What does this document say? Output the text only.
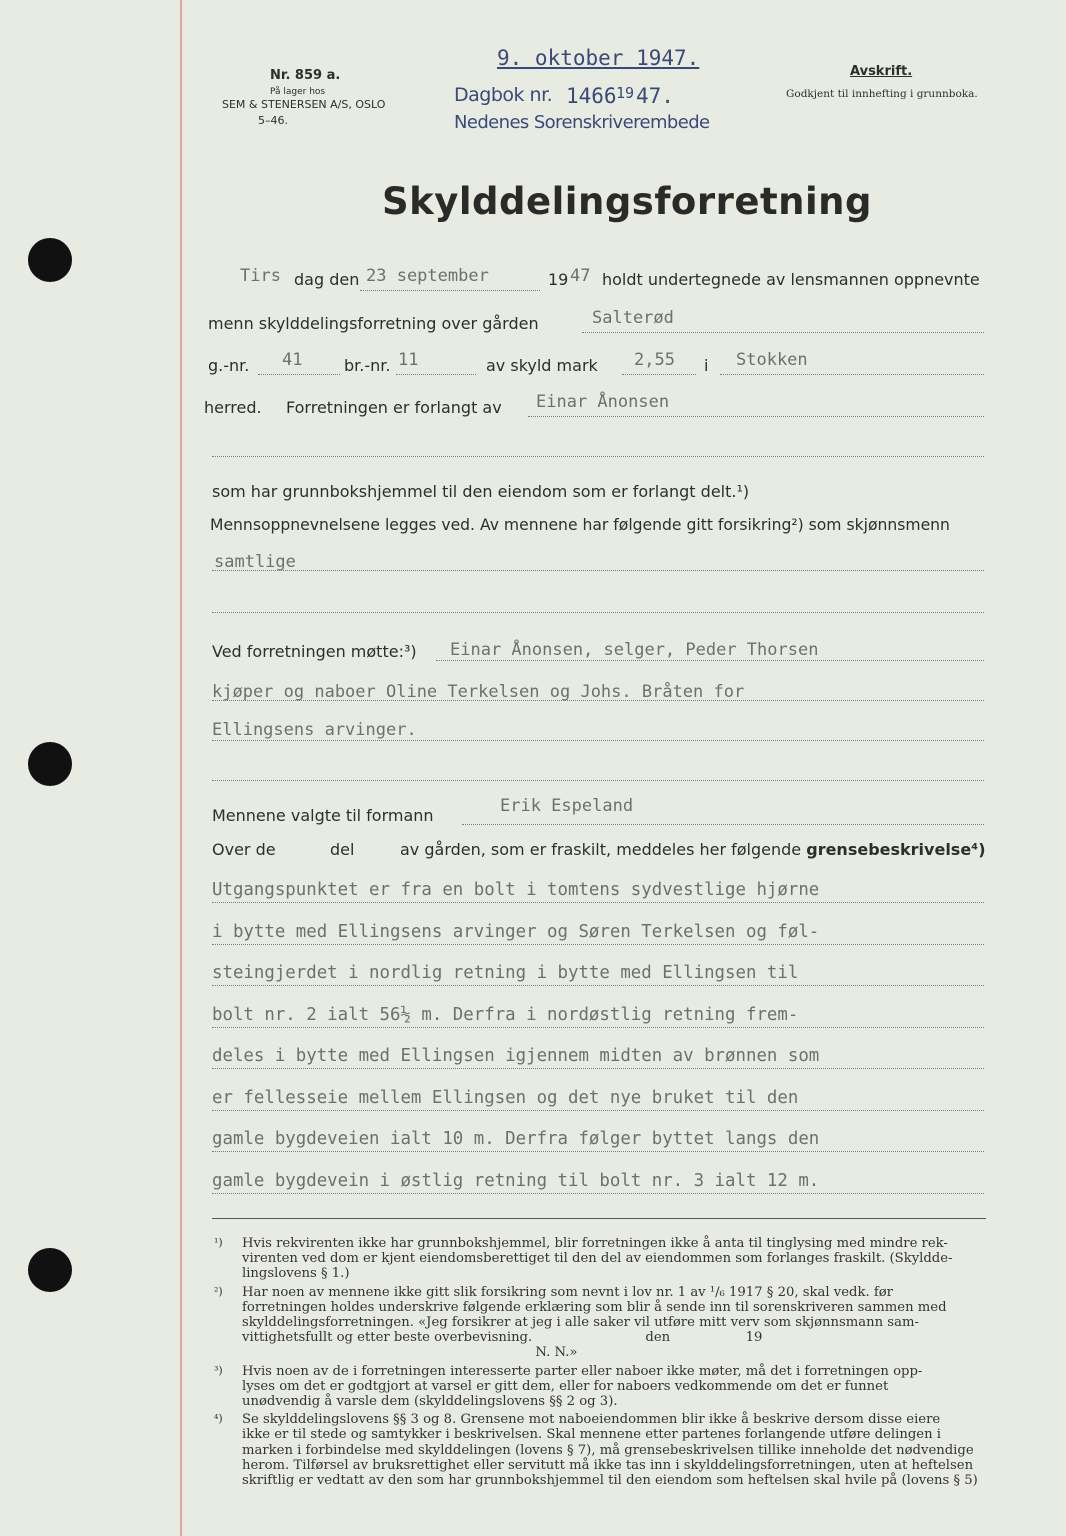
Nr. 859 a.
På lager hos
SEM & STENERSEN A/S, OSLO
5–46.
9. oktober 1947.
Dagbok nr. 1466 19 47.
Nedenes Sorenskriverembede
Avskrift.
Godkjent til innhefting i grunnboka.
Skylddelingsforretning
Tirs dag den 23 september	19 47 holdt undertegnede av lensmannen oppnevnte
menn skylddelingsforretning over gården	Salterød
g.-nr. 41	br.-nr. 11	av skyld mark 2,55 i Stokken
herred. Forretningen er forlangt av Einar Ånonsen
som har grunnbokshjemmel til den eiendom som er forlangt delt.¹)
Mennsoppnevnelsene legges ved. Av mennene har følgende gitt forsikring²) som skjønnsmenn
samtlige
Ved forretningen møtte:³) Einar Ånonsen, selger, Peder Thorsen
kjøper og naboer Oline Terkelsen og Johs. Bråten for
Ellingsens arvinger.
Mennene valgte til formann	Erik Espeland
Over de	del	av gården, som er fraskilt, meddeles her følgende grensebeskrivelse⁴)
Utgangspunktet er fra en bolt i tomtens sydvestlige hjørne
i bytte med Ellingsens arvinger og Søren Terkelsen og føl-
steingjerdet i nordlig retning i bytte med Ellingsen til
bolt nr. 2 ialt 56½ m. Derfra i nordøstlig retning frem-
deles i bytte med Ellingsen igjennem midten av brønnen som
er fellesseie mellem Ellingsen og det nye bruket til den
gamle bygdeveien ialt 10 m. Derfra følger byttet langs den
gamle bygdevein i østlig retning til bolt nr. 3 ialt 12 m.
¹) Hvis rekvirenten ikke har grunnbokshjemmel, blir forretningen ikke å anta til tinglysing med mindre rek-
virenten ved dom er kjent eiendomsberettiget til den del av eiendommen som forlanges fraskilt. (Skyldde-
lingslovens § 1.)
²) Har noen av mennene ikke gitt slik forsikring som nevnt i lov nr. 1 av ¹/₆ 1917 § 20, skal vedk. før
forretningen holdes underskrive følgende erklæring som blir å sende inn til sorenskriveren sammen med
skylddelingsforretningen. «Jeg forsikrer at jeg i alle saker vil utføre mitt verv som skjønnsmann sam-
vittighetsfullt og etter beste overbevisning.                           den                  19
N. N.»
³) Hvis noen av de i forretningen interesserte parter eller naboer ikke møter, må det i forretningen opp-
lyses om det er godtgjort at varsel er gitt dem, eller for naboers vedkommende om det er funnet
unødvendig å varsle dem (skylddelingslovens §§ 2 og 3).
⁴) Se skylddelingslovens §§ 3 og 8. Grensene mot naboeiendommen blir ikke å beskrive dersom disse eiere
ikke er til stede og samtykker i beskrivelsen. Skal mennene etter partenes forlangende utføre delingen i
marken i forbindelse med skylddelingen (lovens § 7), må grensebeskrivelsen tillike inneholde det nødvendige
herom. Tilførsel av bruksrettighet eller servitutt må ikke tas inn i skylddelingsforretningen, uten at heftelsen
skriftlig er vedtatt av den som har grunnbokshjemmel til den eiendom som heftelsen skal hvile på (lovens § 5)
